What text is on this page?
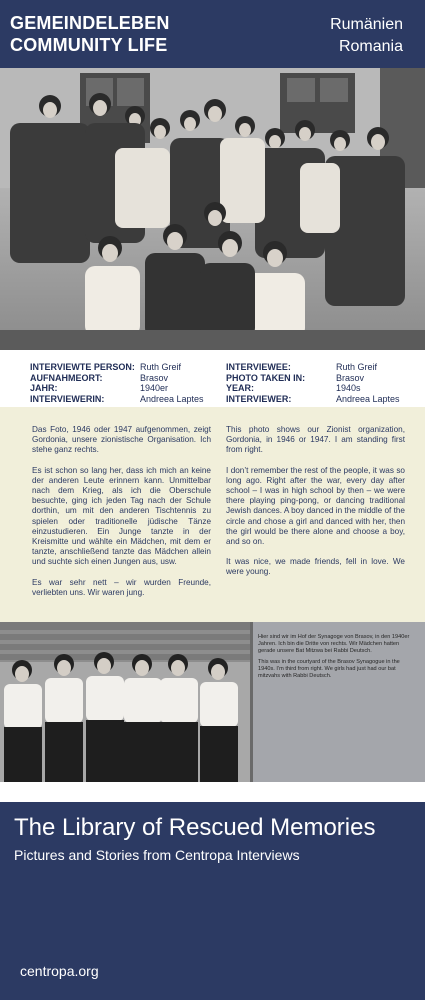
GEMEINDELEBEN
COMMUNITY LIFE
Rumänien
Romania
INTERVIEWTE PERSON: Ruth Greif
AUFNAHMEORT:	Brasov
JAHR:	1940er
INTERVIEWERIN:	Andreea Laptes
INTERVIEWEE:	Ruth Greif
PHOTO TAKEN IN:	Brasov
YEAR:	1940s
INTERVIEWER:	Andreea Laptes

Das Foto, 1946 oder 1947 aufgenommen, zeigt Gordonia, unsere zionistische Organisation. Ich stehe ganz rechts.

Es ist schon so lang her, dass ich mich an keine der anderen Leute erinnern kann. Unmittelbar nach dem Krieg, als ich die Oberschule besuchte, ging ich jeden Tag nach der Schule dorthin, um mit den anderen Tischtennis zu spielen oder traditionelle jüdische Tänze einzustudieren. Ein Junge tanzte in der Kreismitte und wählte ein Mädchen, mit dem er tanzte, anschließend tanzte das Mädchen allein und suchte sich einen Jungen aus, usw.

Es war sehr nett – wir wurden Freunde, verliebten uns. Wir waren jung.

This photo shows our Zionist organization, Gordonia, in 1946 or 1947. I am standing first from right.

I don’t remember the rest of the people, it was so long ago. Right after the war, every day after school – I was in high school by then – we were there playing ping-pong, or dancing traditional Jewish dances. A boy danced in the middle of the circle and chose a girl and danced with her, then the girl would be there alone and choose a boy, and so on.

It was nice, we made friends, fell in love. We were young.

Hier sind wir im Hof der Synagoge von Brasov, in den 1940er Jahren. Ich bin die Dritte von rechts. Wir Mädchen hatten gerade unsere Bat Mitzwa bei Rabbi Deutsch.

This was in the courtyard of the Brasov Synagogue in the 1940s. I’m third from right. We girls had just had our bat mitzvahs with Rabbi Deutsch.

The Library of Rescued Memories
Pictures and Stories from Centropa Interviews
centropa.org
